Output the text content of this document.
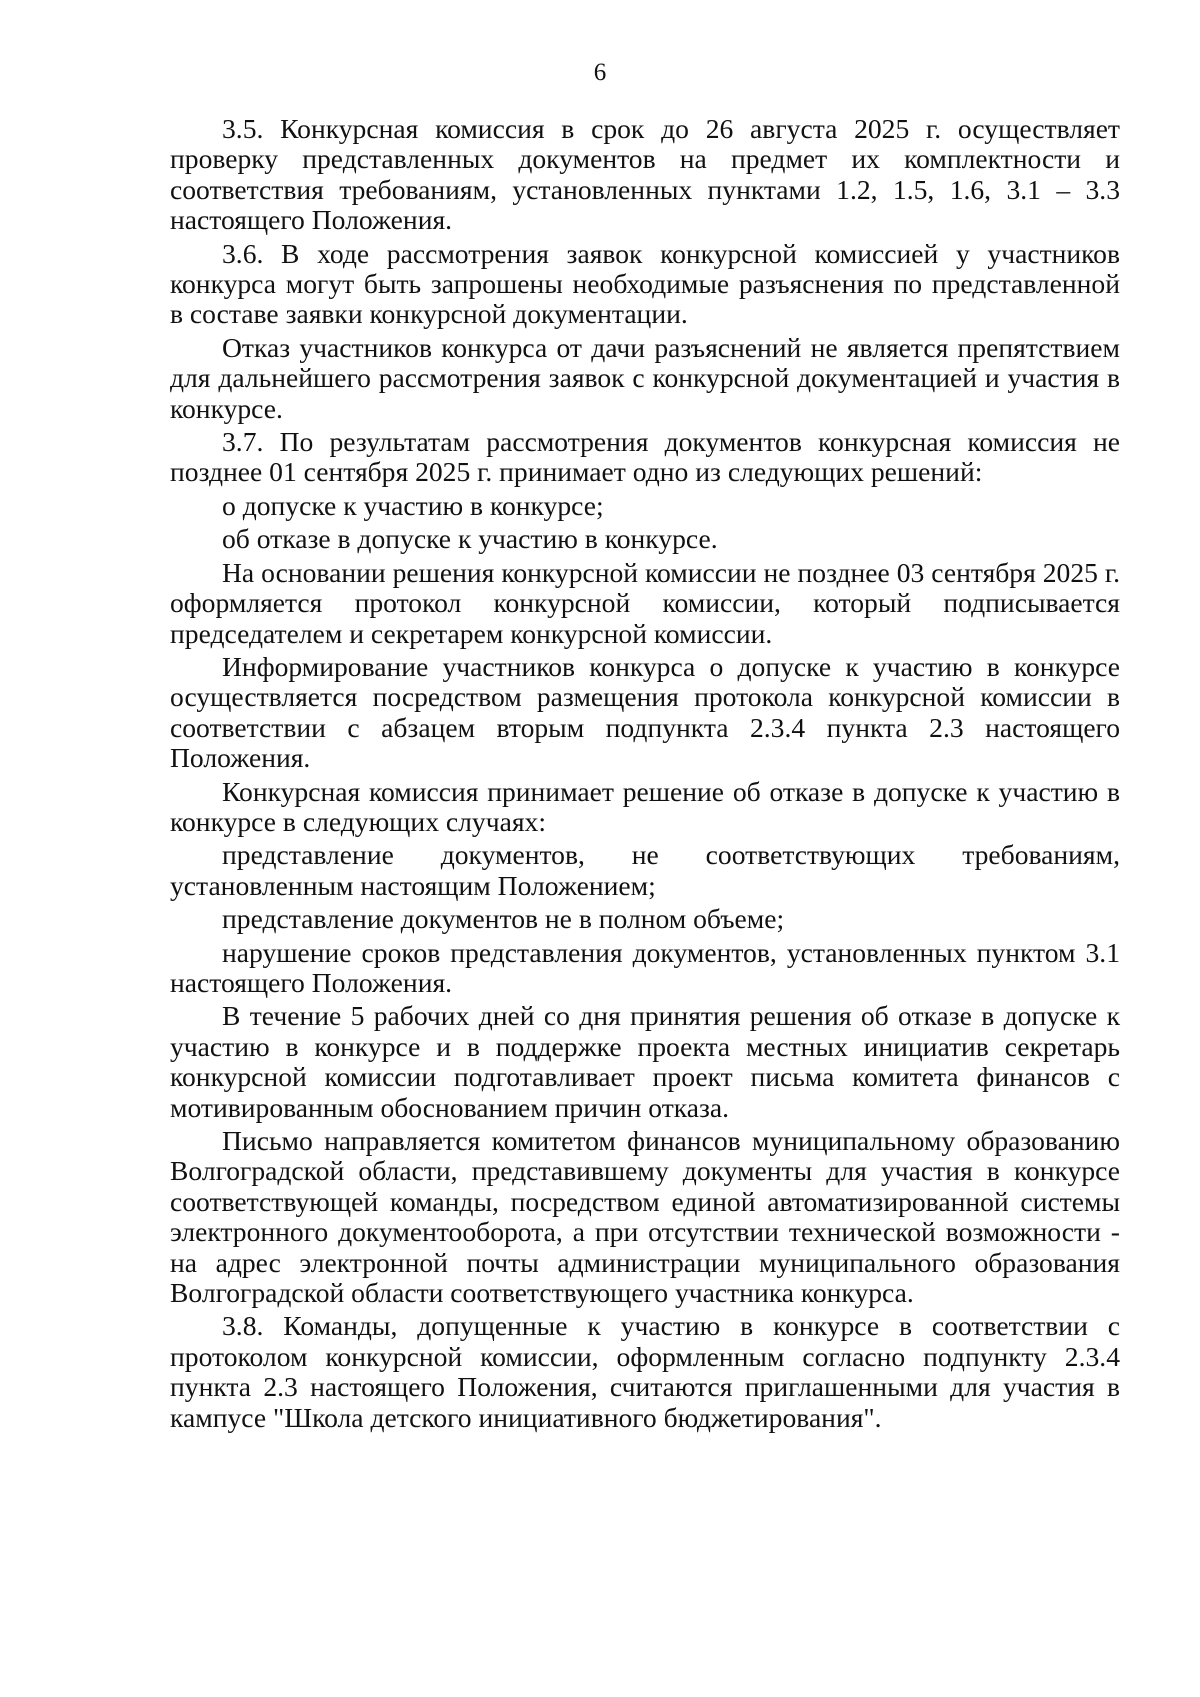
6

3.5. Конкурсная комиссия в срок до 26 августа 2025 г. осуществляет проверку представленных документов на предмет их комплектности и соответствия требованиям, установленных пунктами 1.2, 1.5, 1.6, 3.1 – 3.3 настоящего Положения.

3.6. В ходе рассмотрения заявок конкурсной комиссией у участников конкурса могут быть запрошены необходимые разъяснения по представленной в составе заявки конкурсной документации.

Отказ участников конкурса от дачи разъяснений не является препятствием для дальнейшего рассмотрения заявок с конкурсной документацией и участия в конкурсе.

3.7. По результатам рассмотрения документов конкурсная комиссия не позднее 01 сентября 2025 г. принимает одно из следующих решений:

о допуске к участию в конкурсе;

об отказе в допуске к участию в конкурсе.

На основании решения конкурсной комиссии не позднее 03 сентября 2025 г. оформляется протокол конкурсной комиссии, который подписывается председателем и секретарем конкурсной комиссии.

Информирование участников конкурса о допуске к участию в конкурсе осуществляется посредством размещения протокола конкурсной комиссии в соответствии с абзацем вторым подпункта 2.3.4 пункта 2.3 настоящего Положения.

Конкурсная комиссия принимает решение об отказе в допуске к участию в конкурсе в следующих случаях:

представление документов, не соответствующих требованиям, установленным настоящим Положением;

представление документов не в полном объеме;

нарушение сроков представления документов, установленных пунктом 3.1 настоящего Положения.

В течение 5 рабочих дней со дня принятия решения об отказе в допуске к участию в конкурсе и в поддержке проекта местных инициатив секретарь конкурсной комиссии подготавливает проект письма комитета финансов с мотивированным обоснованием причин отказа.

Письмо направляется комитетом финансов муниципальному образованию Волгоградской области, представившему документы для участия в конкурсе соответствующей команды, посредством единой автоматизированной системы электронного документооборота, а при отсутствии технической возможности - на адрес электронной почты администрации муниципального образования Волгоградской области соответствующего участника конкурса.

3.8. Команды, допущенные к участию в конкурсе в соответствии с протоколом конкурсной комиссии, оформленным согласно подпункту 2.3.4 пункта 2.3 настоящего Положения, считаются приглашенными для участия в кампусе "Школа детского инициативного бюджетирования".
